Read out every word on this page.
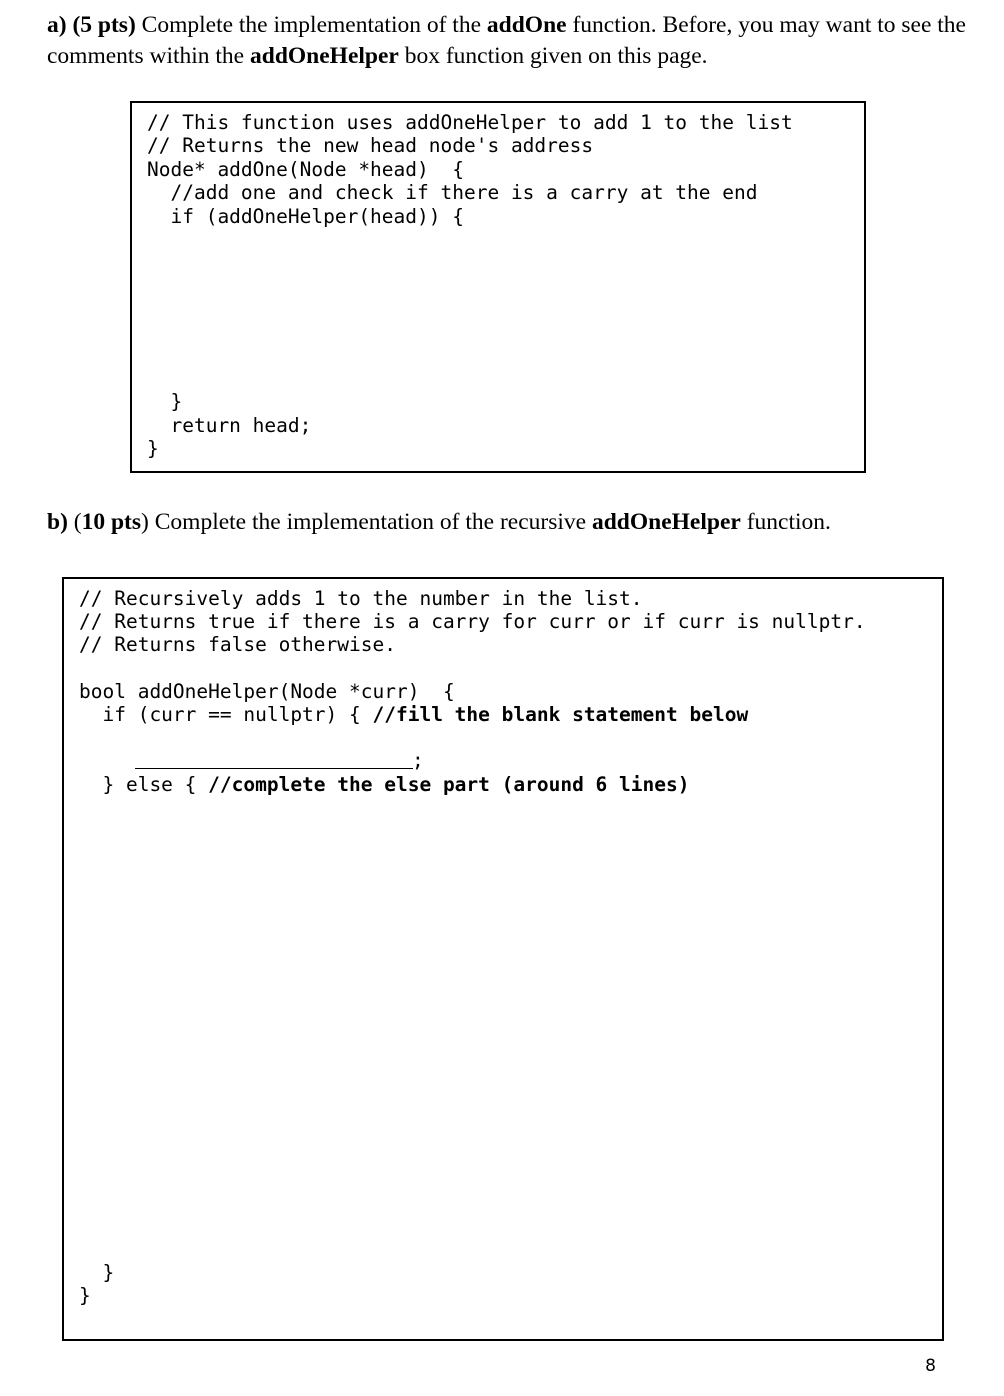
a) (5 pts) Complete the implementation of the addOne function. Before, you may want to see the comments within the addOneHelper box function given on this page.

// This function uses addOneHelper to add 1 to the list
// Returns the new head node's address
Node* addOne(Node *head)  {
//add one and check if there is a carry at the end
if (addOneHelper(head)) {
}
return head;
}

b) (10 pts) Complete the implementation of the recursive addOneHelper function.

// Recursively adds 1 to the number in the list.
// Returns true if there is a carry for curr or if curr is nullptr.
// Returns false otherwise.
bool addOneHelper(Node *curr)  {
if (curr == nullptr) { //fill the blank statement below
;
} else { //complete the else part (around 6 lines)
}
}
8
